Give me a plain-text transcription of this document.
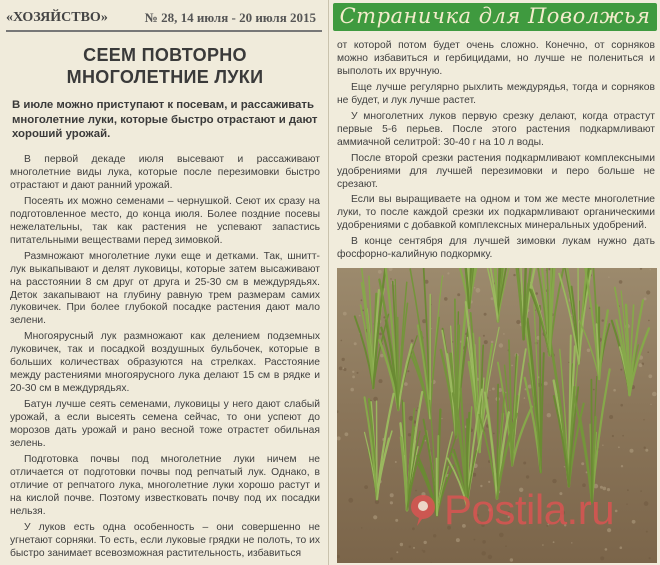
«ХОЗЯЙСТВО»	№ 28, 14 июля - 20 июля 2015
СЕЕМ ПОВТОРНО МНОГОЛЕТНИЕ ЛУКИ
В июле можно приступают к посевам, и рассаживать многолетние луки, которые быстро отрастают и дают хороший урожай.

В первой декаде июля высевают и рассаживают многолетние виды лука, которые после перезимовки быстро отрастают и дают ранний урожай.

Посеять их можно семенами – чернушкой. Сеют их сразу на подготовленное место, до конца июля. Более поздние посевы нежелательны, так как растения не успевают запастись питательными веществами перед зимовкой.

Размножают многолетние луки еще и детками. Так, шнитт-лук выкапывают и делят луковицы, которые затем высаживают на расстоянии 8 см друг от друга и 25-30 см в междурядьях. Деток закапывают на глубину равную трем размерам самих луковичек. При более глубокой посадке растения дают мало зелени.

Многоярусный лук размножают как делением подземных луковичек, так и посадкой воздушных бульбочек, которые в больших количествах образуются на стрелках. Расстояние между растениями многоярусного лука делают 15 см в рядке и 20-30 см в междурядьях.

Батун лучше сеять семенами, луковицы у него дают слабый урожай, а если высеять семена сейчас, то они успеют до морозов дать урожай и рано весной тоже отрастет обильная зелень.

Подготовка почвы под многолетние луки ничем не отличается от подготовки почвы под репчатый лук. Однако, в отличие от репчатого лука, многолетние луки хорошо растут и на кислой почве. Поэтому известковать почву под их посадки нельзя.

У луков есть одна особенность – они совершенно не угнетают сорняки. То есть, если луковые грядки не полоть, то их быстро занимает всевозможная растительность, избавиться

Страничка для Поволжья

от которой потом будет очень сложно. Конечно, от сорняков можно избавиться и гербицидами, но лучше не полениться и выполоть их вручную.

Еще лучше регулярно рыхлить междурядья, тогда и сорняков не будет, и лук лучше растет.

У многолетних луков первую срезку делают, когда отрастут первые 5-6 перьев. После этого растения подкармливают аммиачной селитрой: 30-40 г на 10 л воды.

После второй срезки растения подкармливают комплексными удобрениями для лучшей перезимовки и перо больше не срезают.

Если вы выращиваете на одном и том же месте многолетние луки, то после каждой срезки их подкармливают органическими удобрениями с добавкой комплексных минеральных удобрений.

В конце сентября для лучшей зимовки лукам нужно дать фосфорно-калийную подкормку.

Postila.ru
